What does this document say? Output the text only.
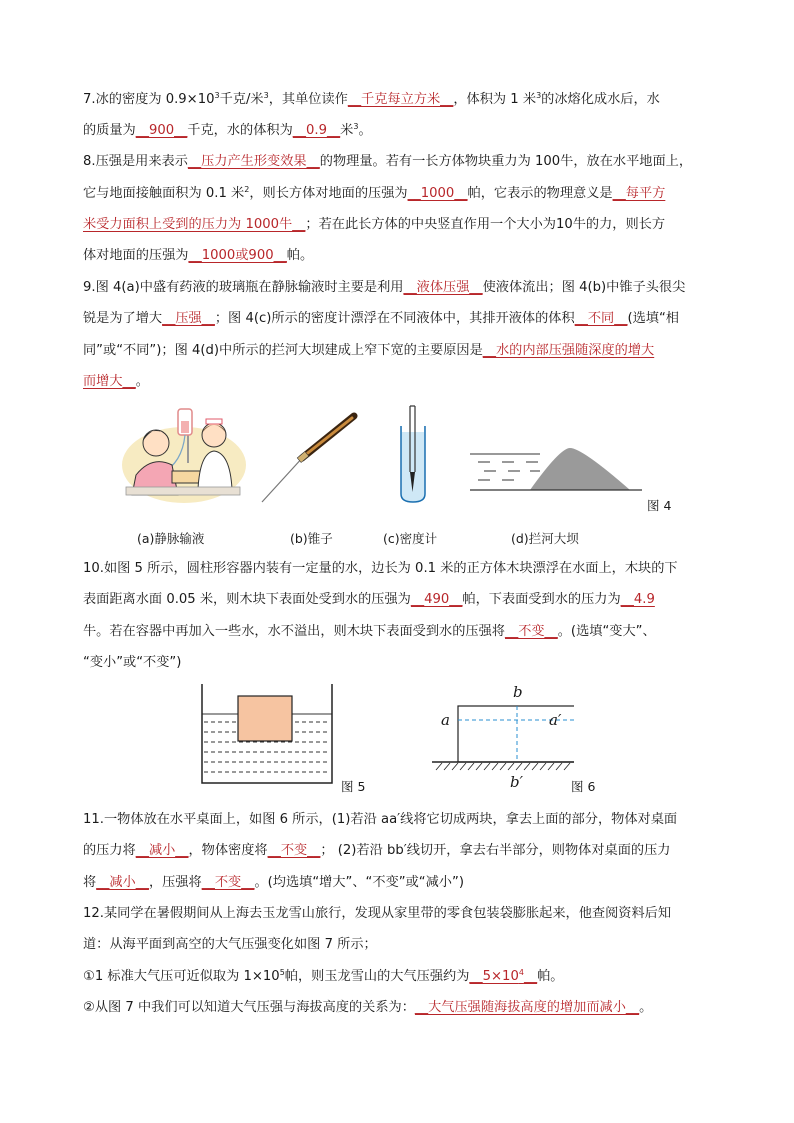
7.冰的密度为 $0.9\times 10^3$千克/米$^3$，其单位读作__千克每立方米__，体积为 1 米$^3$的冰熔化成水后，水
的质量为__900__千克，水的体积为__0.9__米$^3$。
8.压强是用来表示__压力产生形变效果__的物理量。若有一长方体物块重力为 100牛，放在水平地面上，
它与地面接触面积为 0.1 米$^2$，则长方体对地面的压强为__1000__帕，它表示的物理意义是__每平方
米受力面积上受到的压力为 1000牛__；若在此长方体的中央竖直作用一个大小为10牛的力，则长方
体对地面的压强为__1000或900__帕。
9.图 4(a)中盛有药液的玻璃瓶在静脉输液时主要是利用__液体压强__使液体流出；图 4(b)中锥子头很尖
锐是为了增大__压强__；图 4(c)所示的密度计漂浮在不同液体中，其排开液体的体积__不同__(选填“相
同”或“不同”)；图 4(d)中所示的拦河大坝建成上窄下宽的主要原因是__水的内部压强随深度的增大
而增大__。
图 4
(a)静脉输液	(b)锥子	(c)密度计	(d)拦河大坝
10.如图 5 所示，圆柱形容器内装有一定量的水，边长为 0.1 米的正方体木块漂浮在水面上，木块的下
表面距离水面 0.05 米，则木块下表面处受到水的压强为__490__帕，下表面受到水的压力为__4.9
牛。若在容器中再加入一些水，水不溢出，则木块下表面受到水的压强将__不变__。(选填“变大”、
“变小”或“不变”)
图 5
a	a′
b
b′	图 6
11.一物体放在水平桌面上，如图 6 所示，(1)若沿 aa′线将它切成两块，拿去上面的部分，物体对桌面
的压力将__减小__，物体密度将__不变__； (2)若沿 bb′线切开，拿去右半部分，则物体对桌面的压力
将__减小__，压强将__不变__。(均选填“增大”、“不变”或“减小”)
12.某同学在暑假期间从上海去玉龙雪山旅行，发现从家里带的零食包装袋膨胀起来，他查阅资料后知
道：从海平面到高空的大气压强变化如图 7 所示；
①1 标准大气压可近似取为 $1\times 10^5$帕，则玉龙雪山的大气压强约为$\_\_5\times 10^4\_\_$帕。
②从图 7 中我们可以知道大气压强与海拔高度的关系为：__大气压强随海拔高度的增加而减小__。
